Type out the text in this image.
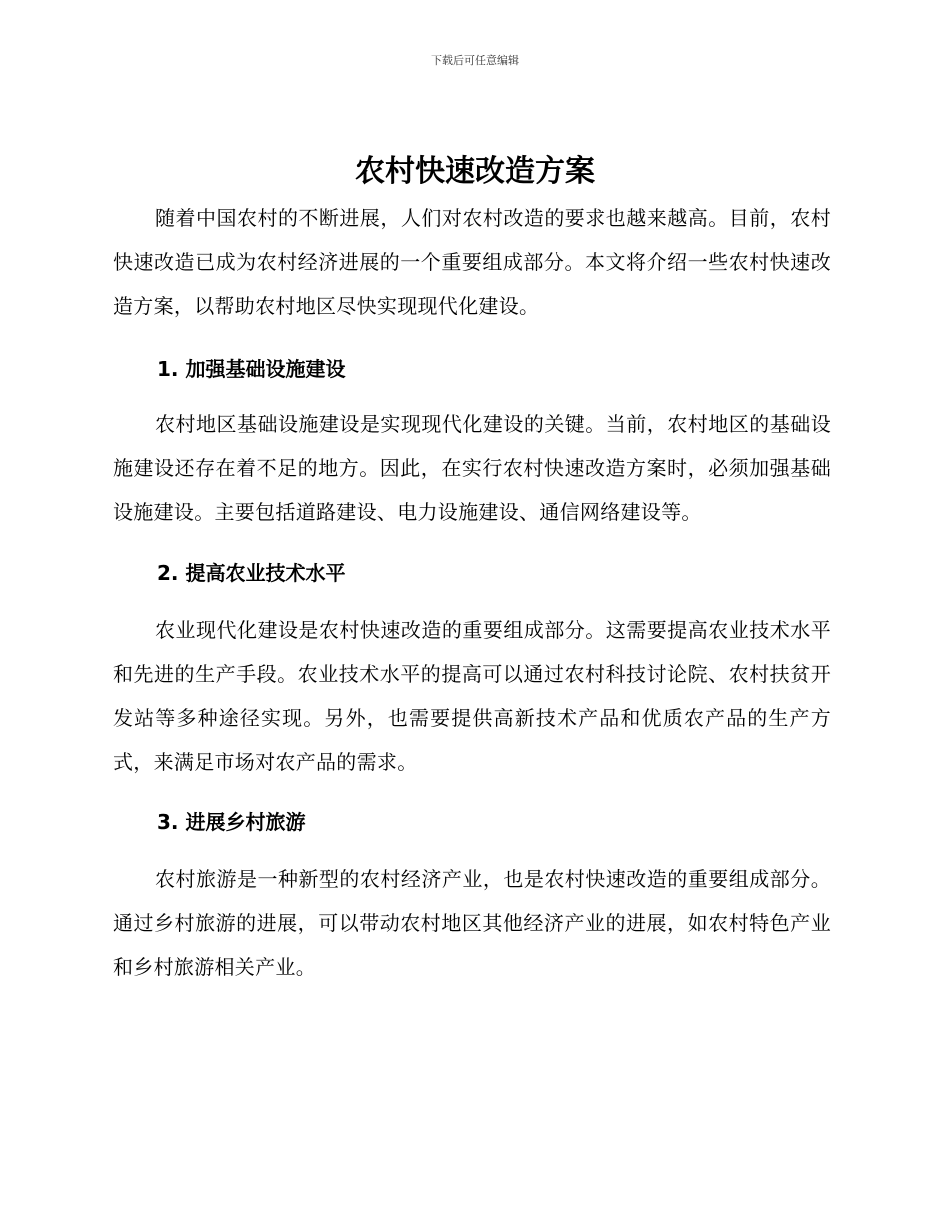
下载后可任意编辑
农村快速改造方案

随着中国农村的不断进展，人们对农村改造的要求也越来越高。目前，农村快速改造已成为农村经济进展的一个重要组成部分。本文将介绍一些农村快速改造方案，以帮助农村地区尽快实现现代化建设。

1. 加强基础设施建设

农村地区基础设施建设是实现现代化建设的关键。当前，农村地区的基础设施建设还存在着不足的地方。因此，在实行农村快速改造方案时，必须加强基础设施建设。主要包括道路建设、电力设施建设、通信网络建设等。

2. 提高农业技术水平

农业现代化建设是农村快速改造的重要组成部分。这需要提高农业技术水平和先进的生产手段。农业技术水平的提高可以通过农村科技讨论院、农村扶贫开发站等多种途径实现。另外，也需要提供高新技术产品和优质农产品的生产方式，来满足市场对农产品的需求。

3. 进展乡村旅游

农村旅游是一种新型的农村经济产业，也是农村快速改造的重要组成部分。通过乡村旅游的进展，可以带动农村地区其他经济产业的进展，如农村特色产业和乡村旅游相关产业。
